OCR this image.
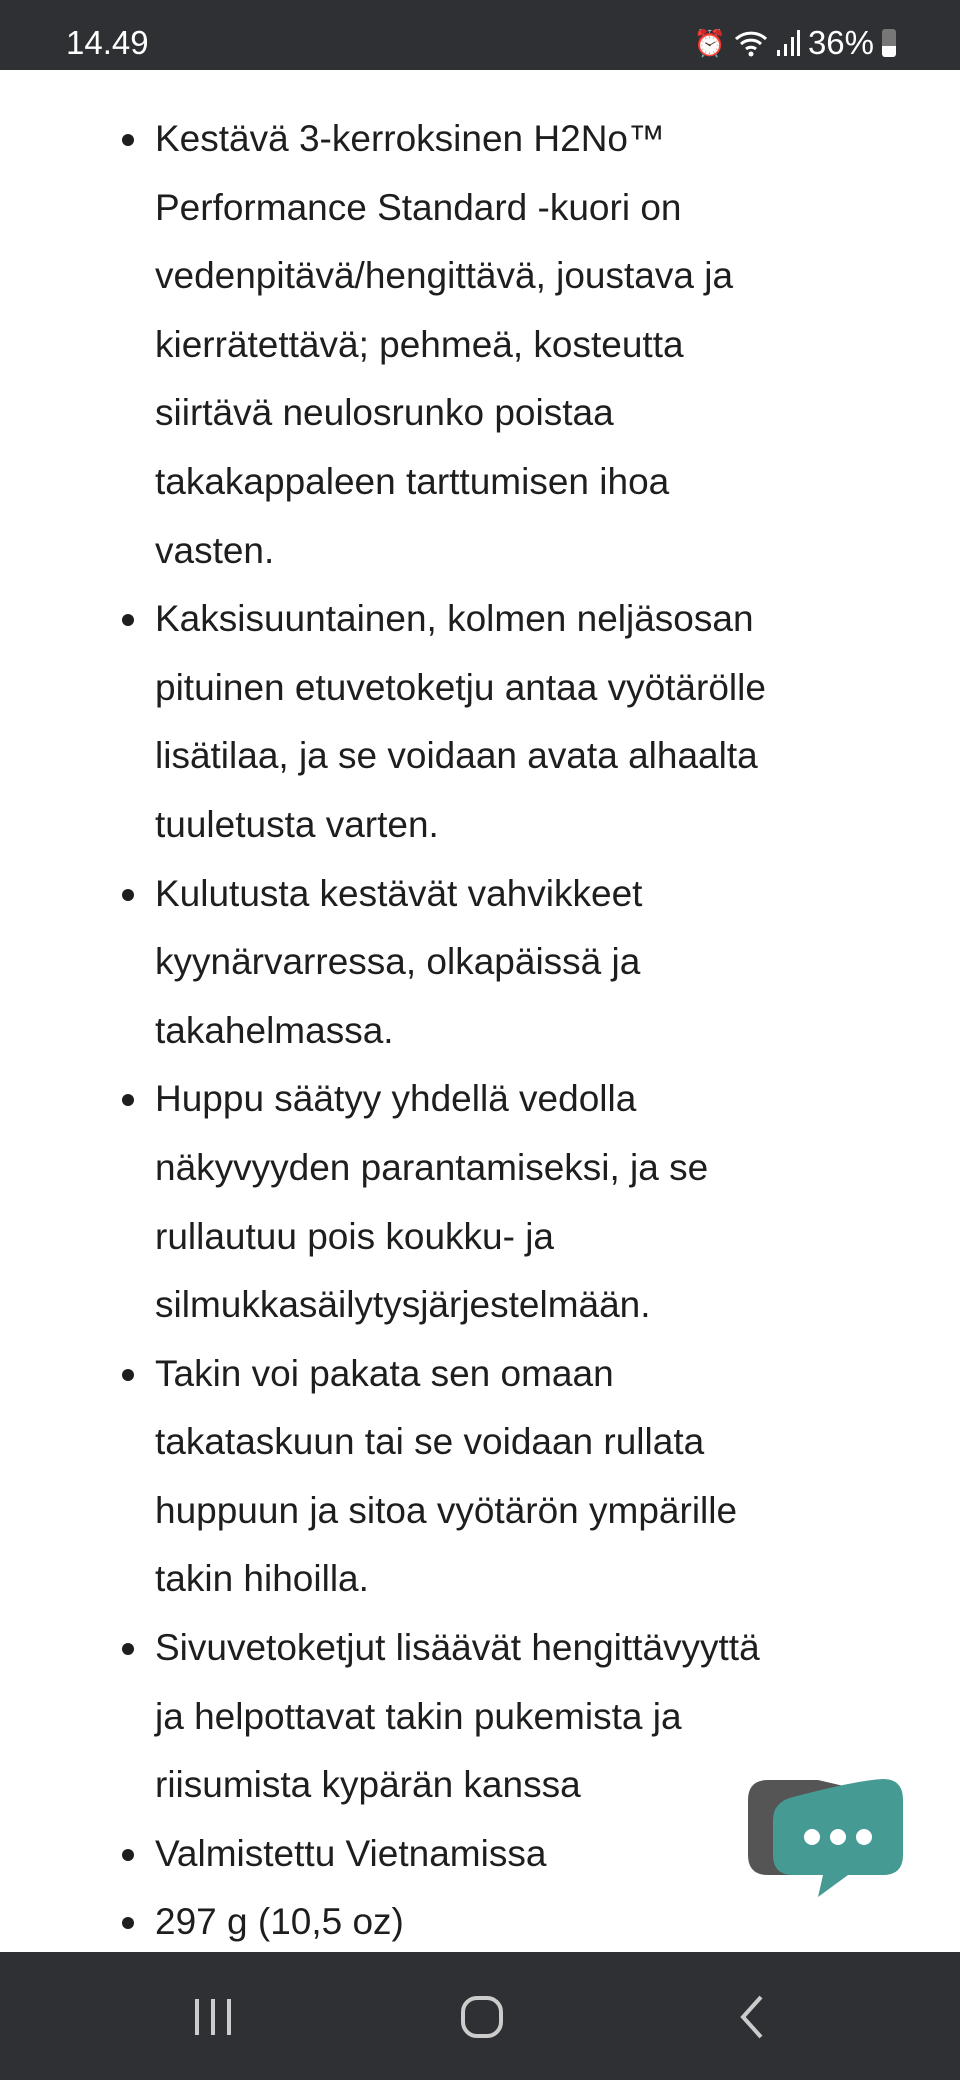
14.49	⏰ 36%
Kestävä 3-kerroksinen H2No™
Performance Standard -kuori on
vedenpitävä/hengittävä, joustava ja
kierrätettävä; pehmeä, kosteutta
siirtävä neulosrunko poistaa
takakappaleen tarttumisen ihoa
vasten.
Kaksisuuntainen, kolmen neljäsosan
pituinen etuvetoketju antaa vyötärölle
lisätilaa, ja se voidaan avata alhaalta
tuuletusta varten.
Kulutusta kestävät vahvikkeet
kyynärvarressa, olkapäissä ja
takahelmassa.
Huppu säätyy yhdellä vedolla
näkyvyyden parantamiseksi, ja se
rullautuu pois koukku- ja
silmukkasäilytysjärjestelmään.
Takin voi pakata sen omaan
takataskuun tai se voidaan rullata
huppuun ja sitoa vyötärön ympärille
takin hihoilla.
Sivuvetoketjut lisäävät hengittävyyttä
ja helpottavat takin pukemista ja
riisumista kypärän kanssa
Valmistettu Vietnamissa
297 g (10,5 oz)
